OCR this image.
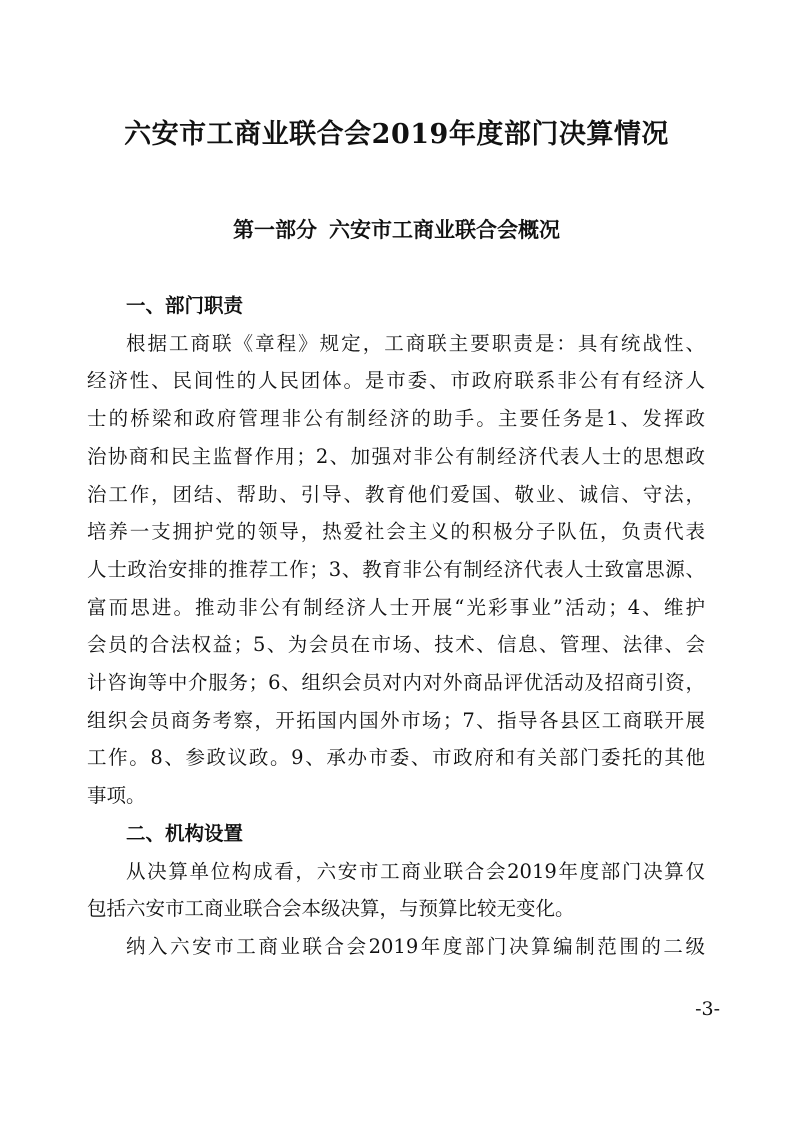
六安市工商业联合会2019年度部门决算情况
第一部分 六安市工商业联合会概况
一、部门职责
根据工商联《章程》规定，工商联主要职责是：具有统战性、
经济性、民间性的人民团体。是市委、市政府联系非公有有经济人
士的桥梁和政府管理非公有制经济的助手。主要任务是1、发挥政
治协商和民主监督作用；2、加强对非公有制经济代表人士的思想政
治工作，团结、帮助、引导、教育他们爱国、敬业、诚信、守法，
培养一支拥护党的领导，热爱社会主义的积极分子队伍，负责代表
人士政治安排的推荐工作；3、教育非公有制经济代表人士致富思源、
富而思进。推动非公有制经济人士开展“光彩事业”活动；4、维护
会员的合法权益；5、为会员在市场、技术、信息、管理、法律、会
计咨询等中介服务；6、组织会员对内对外商品评优活动及招商引资，
组织会员商务考察，开拓国内国外市场；7、指导各县区工商联开展
工作。8、参政议政。9、承办市委、市政府和有关部门委托的其他
事项。
二、机构设置
从决算单位构成看，六安市工商业联合会2019年度部门决算仅
包括六安市工商业联合会本级决算，与预算比较无变化。
纳入六安市工商业联合会2019年度部门决算编制范围的二级
-3-
